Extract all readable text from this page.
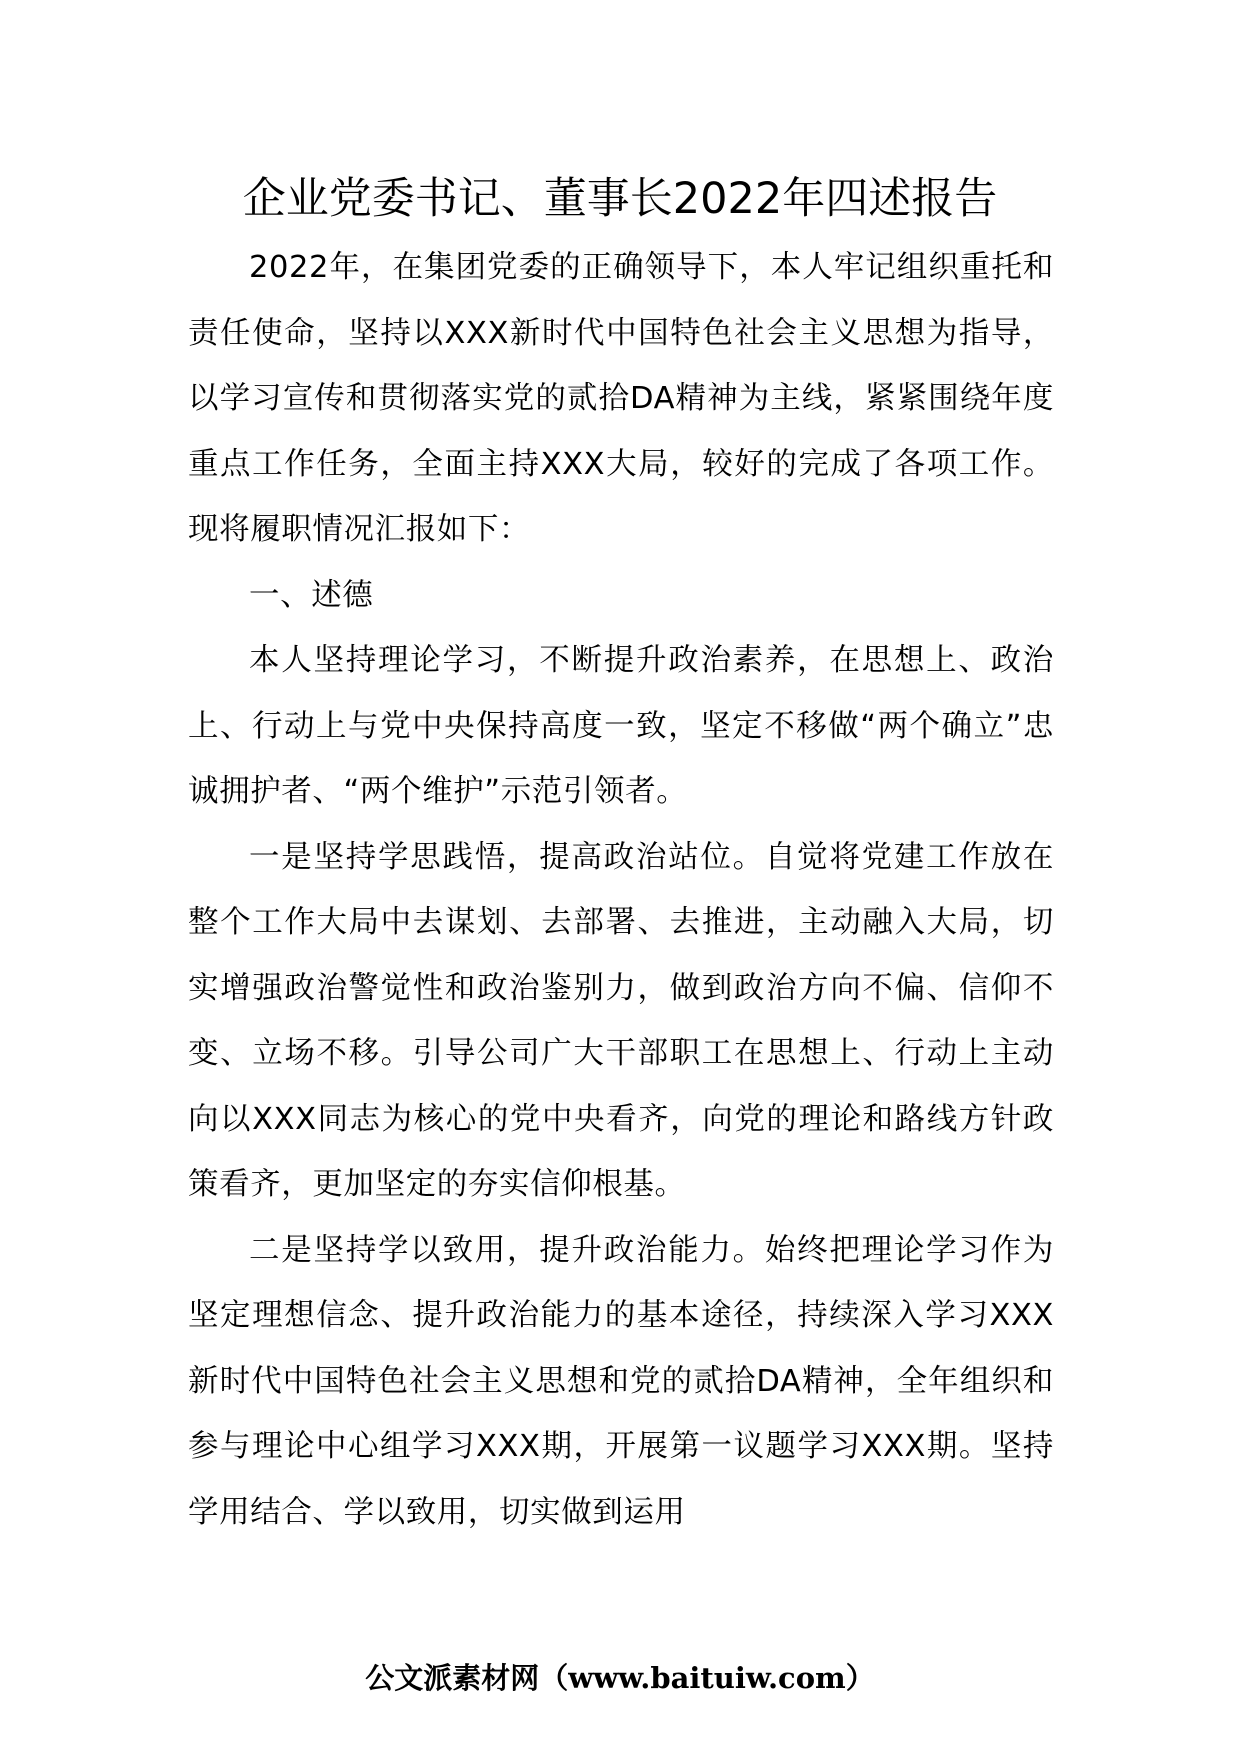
企业党委书记、董事长2022年四述报告

2022年，在集团党委的正确领导下，本人牢记组织重托和责任使命，坚持以XXX新时代中国特色社会主义思想为指导，以学习宣传和贯彻落实党的贰拾DA精神为主线，紧紧围绕年度重点工作任务，全面主持XXX大局，较好的完成了各项工作。现将履职情况汇报如下：

一、述德

本人坚持理论学习，不断提升政治素养，在思想上、政治上、行动上与党中央保持高度一致，坚定不移做“两个确立”忠诚拥护者、“两个维护”示范引领者。

一是坚持学思践悟，提高政治站位。自觉将党建工作放在整个工作大局中去谋划、去部署、去推进，主动融入大局，切实增强政治警觉性和政治鉴别力，做到政治方向不偏、信仰不变、立场不移。引导公司广大干部职工在思想上、行动上主动向以XXX同志为核心的党中央看齐，向党的理论和路线方针政策看齐，更加坚定的夯实信仰根基。

二是坚持学以致用，提升政治能力。始终把理论学习作为坚定理想信念、提升政治能力的基本途径，持续深入学习XXX新时代中国特色社会主义思想和党的贰拾DA精神，全年组织和参与理论中心组学习XXX期，开展第一议题学习XXX期。坚持学用结合、学以致用，切实做到运用

公文派素材网（www.baituiw.com）
